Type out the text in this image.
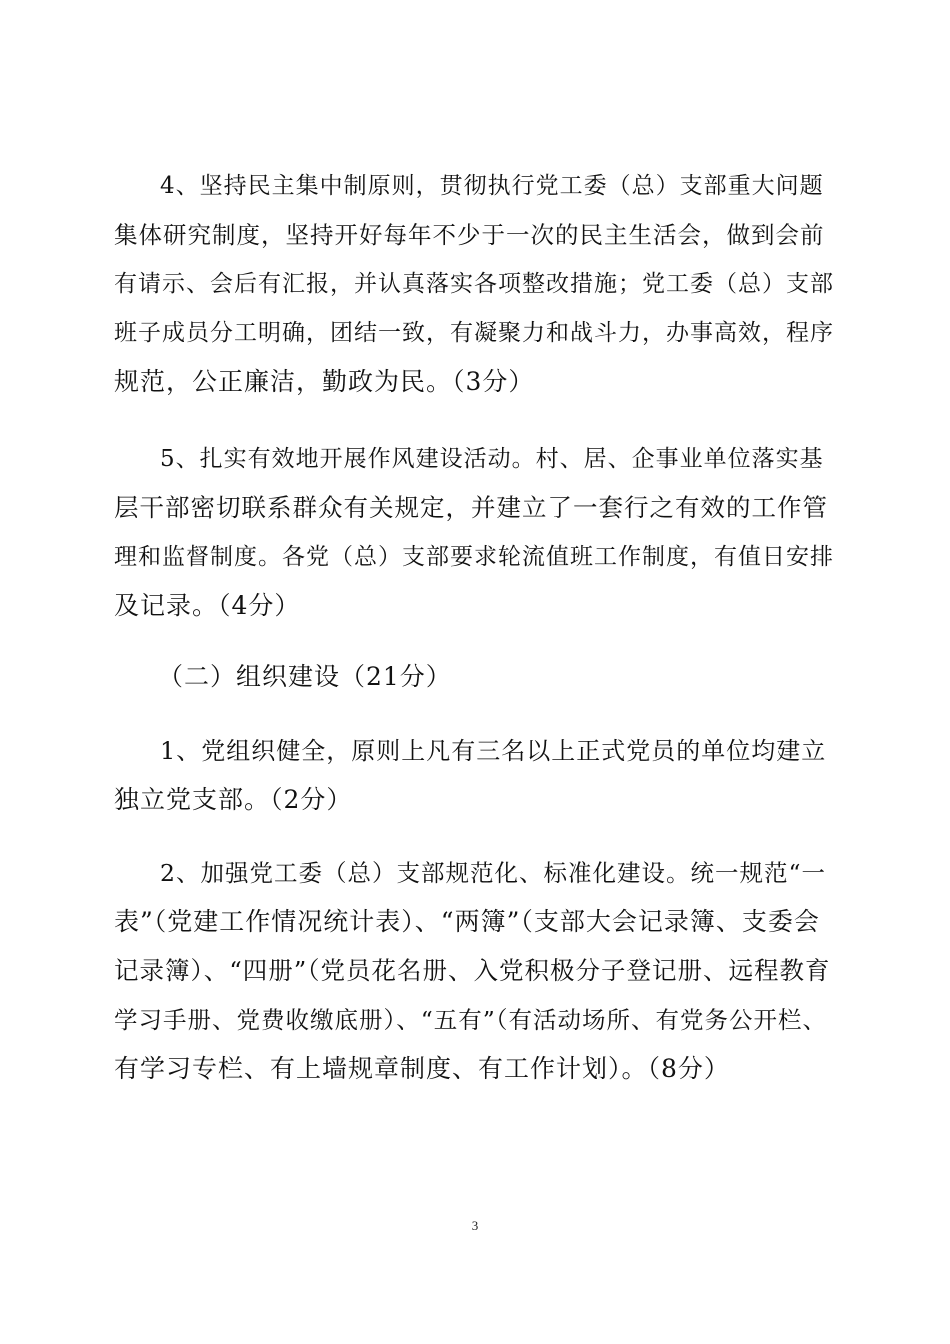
4、坚持民主集中制原则，贯彻执行党工委（总）支部重大问题
集体研究制度，坚持开好每年不少于一次的民主生活会，做到会前
有请示、会后有汇报，并认真落实各项整改措施；党工委（总）支部
班子成员分工明确，团结一致，有凝聚力和战斗力，办事高效，程序
规范，公正廉洁，勤政为民。（3分）
5、扎实有效地开展作风建设活动。村、居、企事业单位落实基
层干部密切联系群众有关规定，并建立了一套行之有效的工作管
理和监督制度。各党（总）支部要求轮流值班工作制度，有值日安排
及记录。（4分）
（二）组织建设（21分）
1、党组织健全，原则上凡有三名以上正式党员的单位均建立
独立党支部。（2分）
2、加强党工委（总）支部规范化、标准化建设。统一规范“一
表”（党建工作情况统计表）、“两簿”（支部大会记录簿、支委会
记录簿）、“四册”（党员花名册、入党积极分子登记册、远程教育
学习手册、党费收缴底册）、“五有”（有活动场所、有党务公开栏、
有学习专栏、有上墙规章制度、有工作计划）。（8分）
3
